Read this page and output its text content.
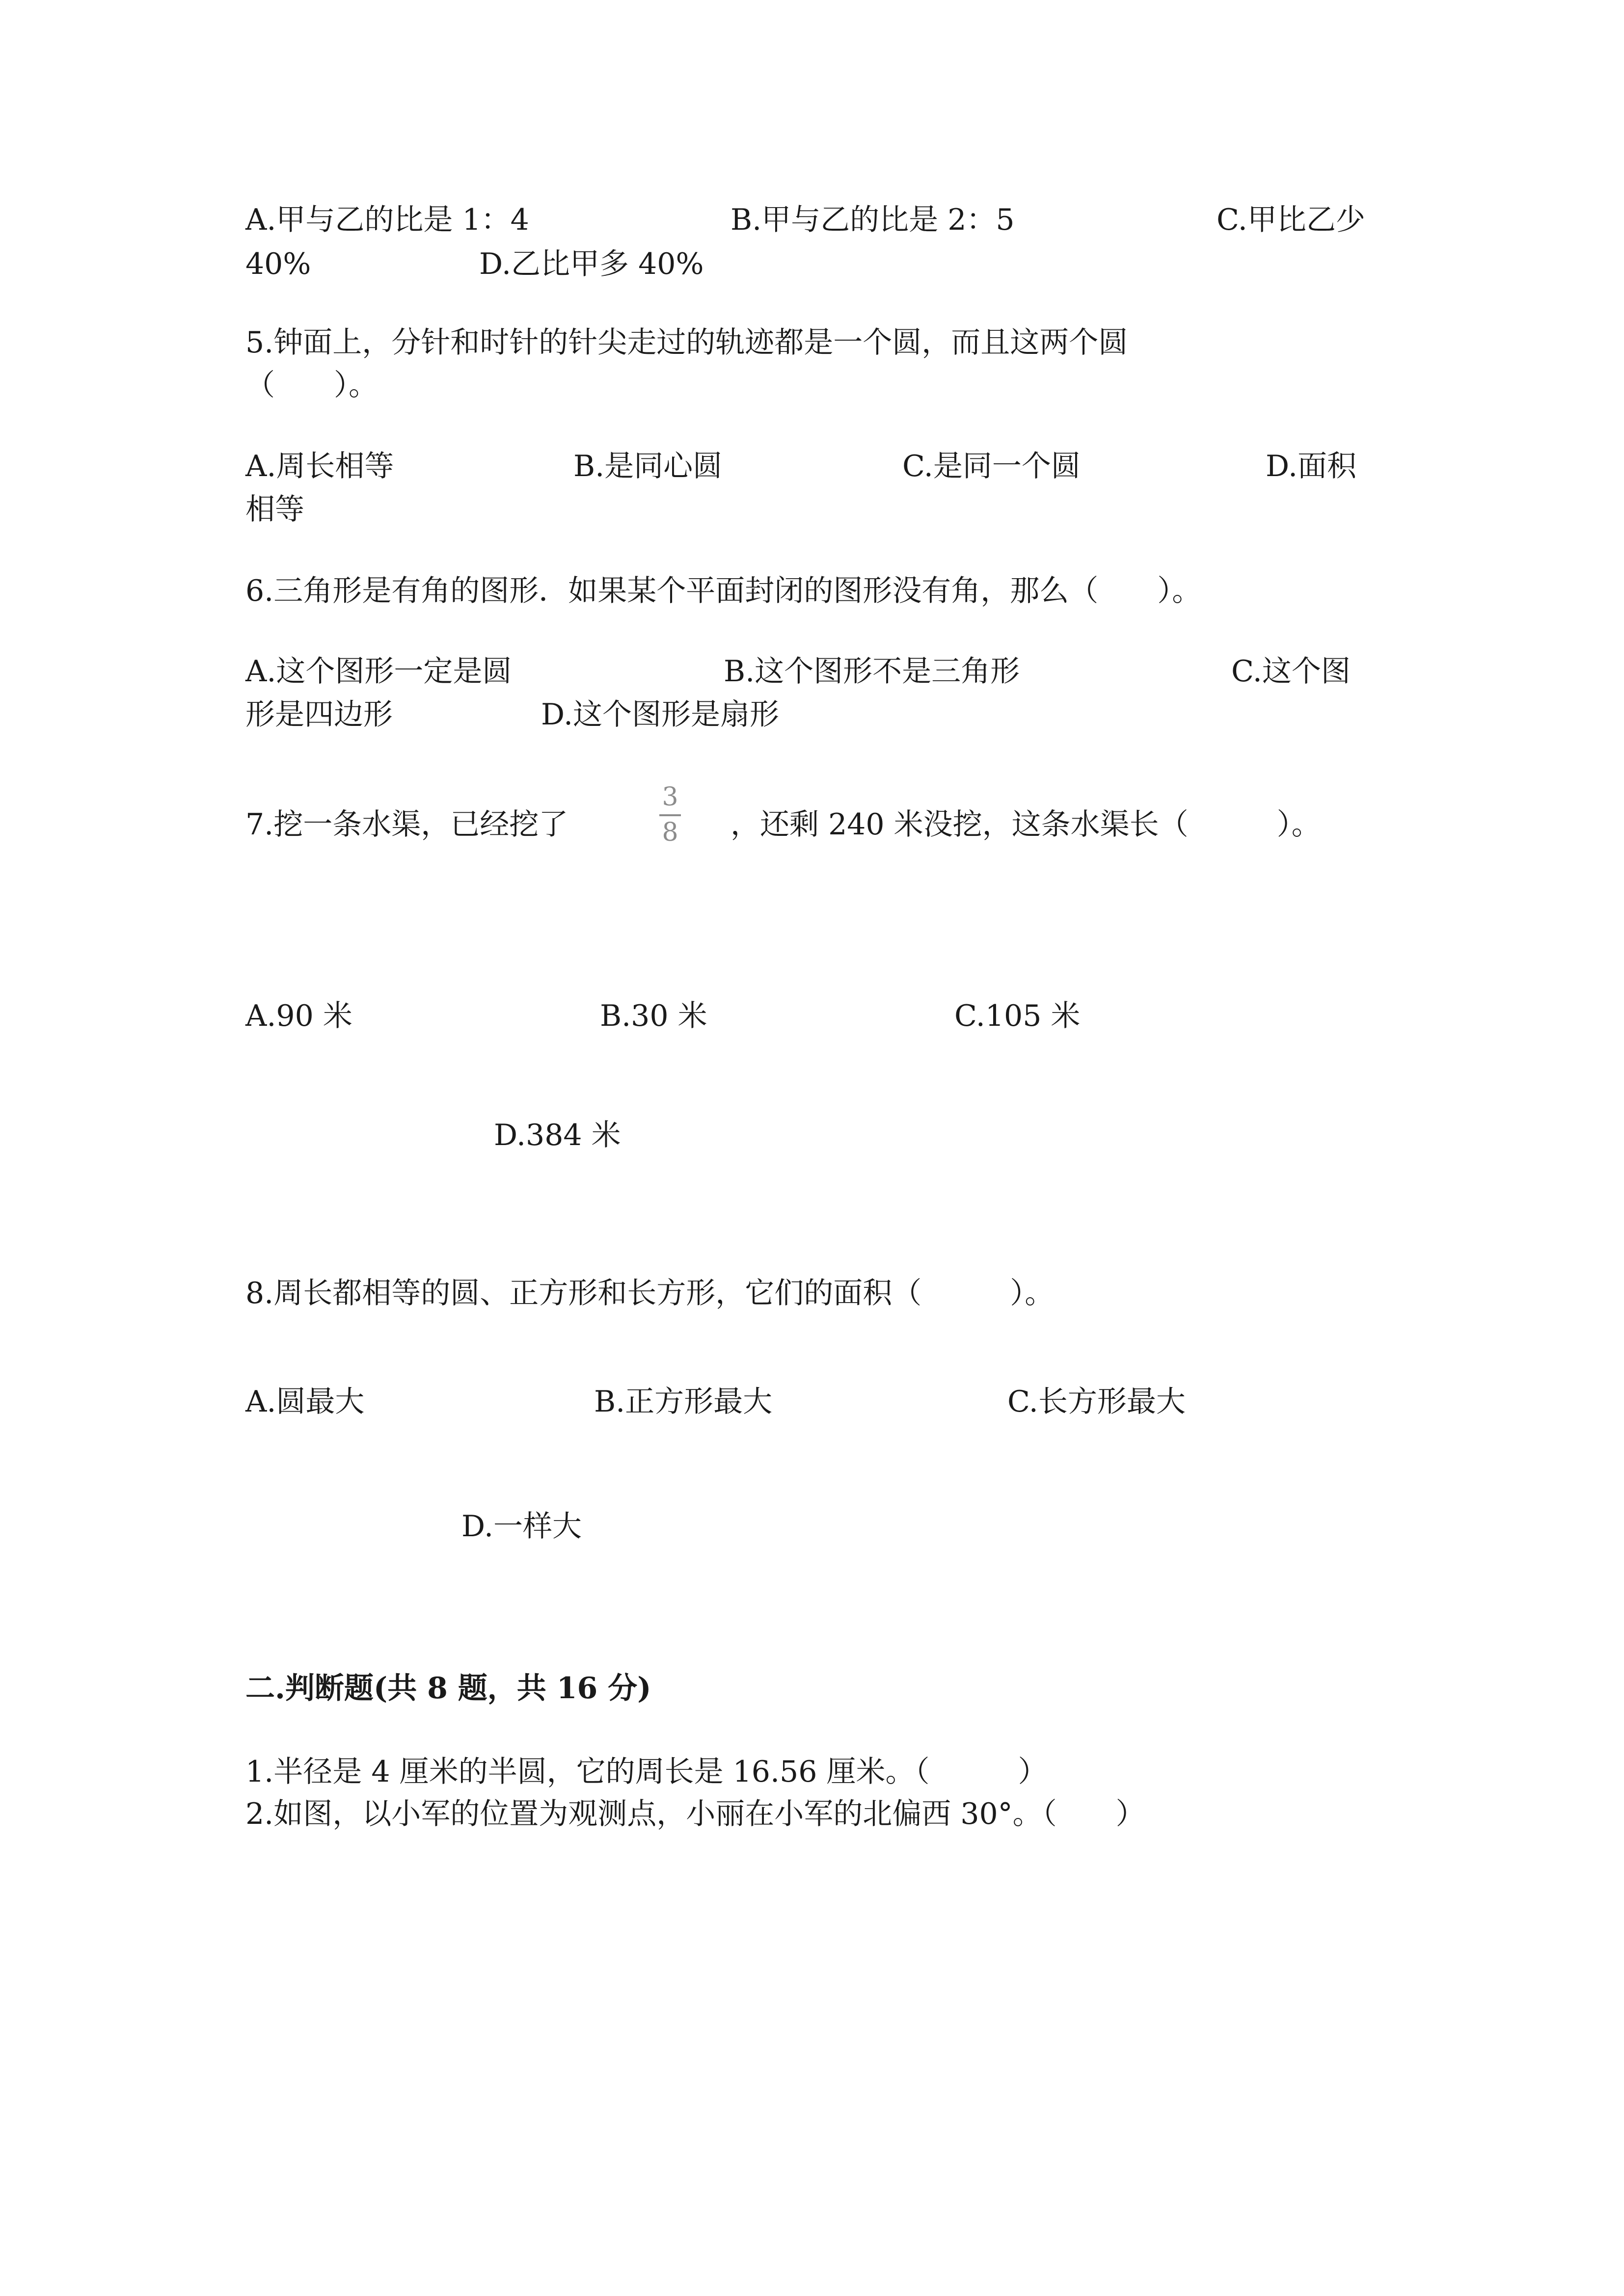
A.甲与乙的比是 1：4	B.甲与乙的比是 2：5	C.甲比乙少
40%	D.乙比甲多 40%
5.钟面上，分针和时针的针尖走过的轨迹都是一个圆，而且这两个圆
（　　）。
A.周长相等	B.是同心圆	C.是同一个圆	D.面积
相等
6.三角形是有角的图形．如果某个平面封闭的图形没有角，那么（　　）。
A.这个图形一定是圆	B.这个图形不是三角形	C.这个图
形是四边形	D.这个图形是扇形
7.挖一条水渠，已经挖了
3
8 ，还剩 240 米没挖，这条水渠长（　　　）。
A.90 米	B.30 米	C.105 米
D.384 米
8.周长都相等的圆、正方形和长方形，它们的面积（　　　）。
A.圆最大	B.正方形最大	C.长方形最大
D.一样大
二.判断题(共 8 题，共 16 分)
1.半径是 4 厘米的半圆，它的周长是 16.56 厘米。（　　　）
2.如图，以小军的位置为观测点，小丽在小军的北偏西 30°。（　　）
